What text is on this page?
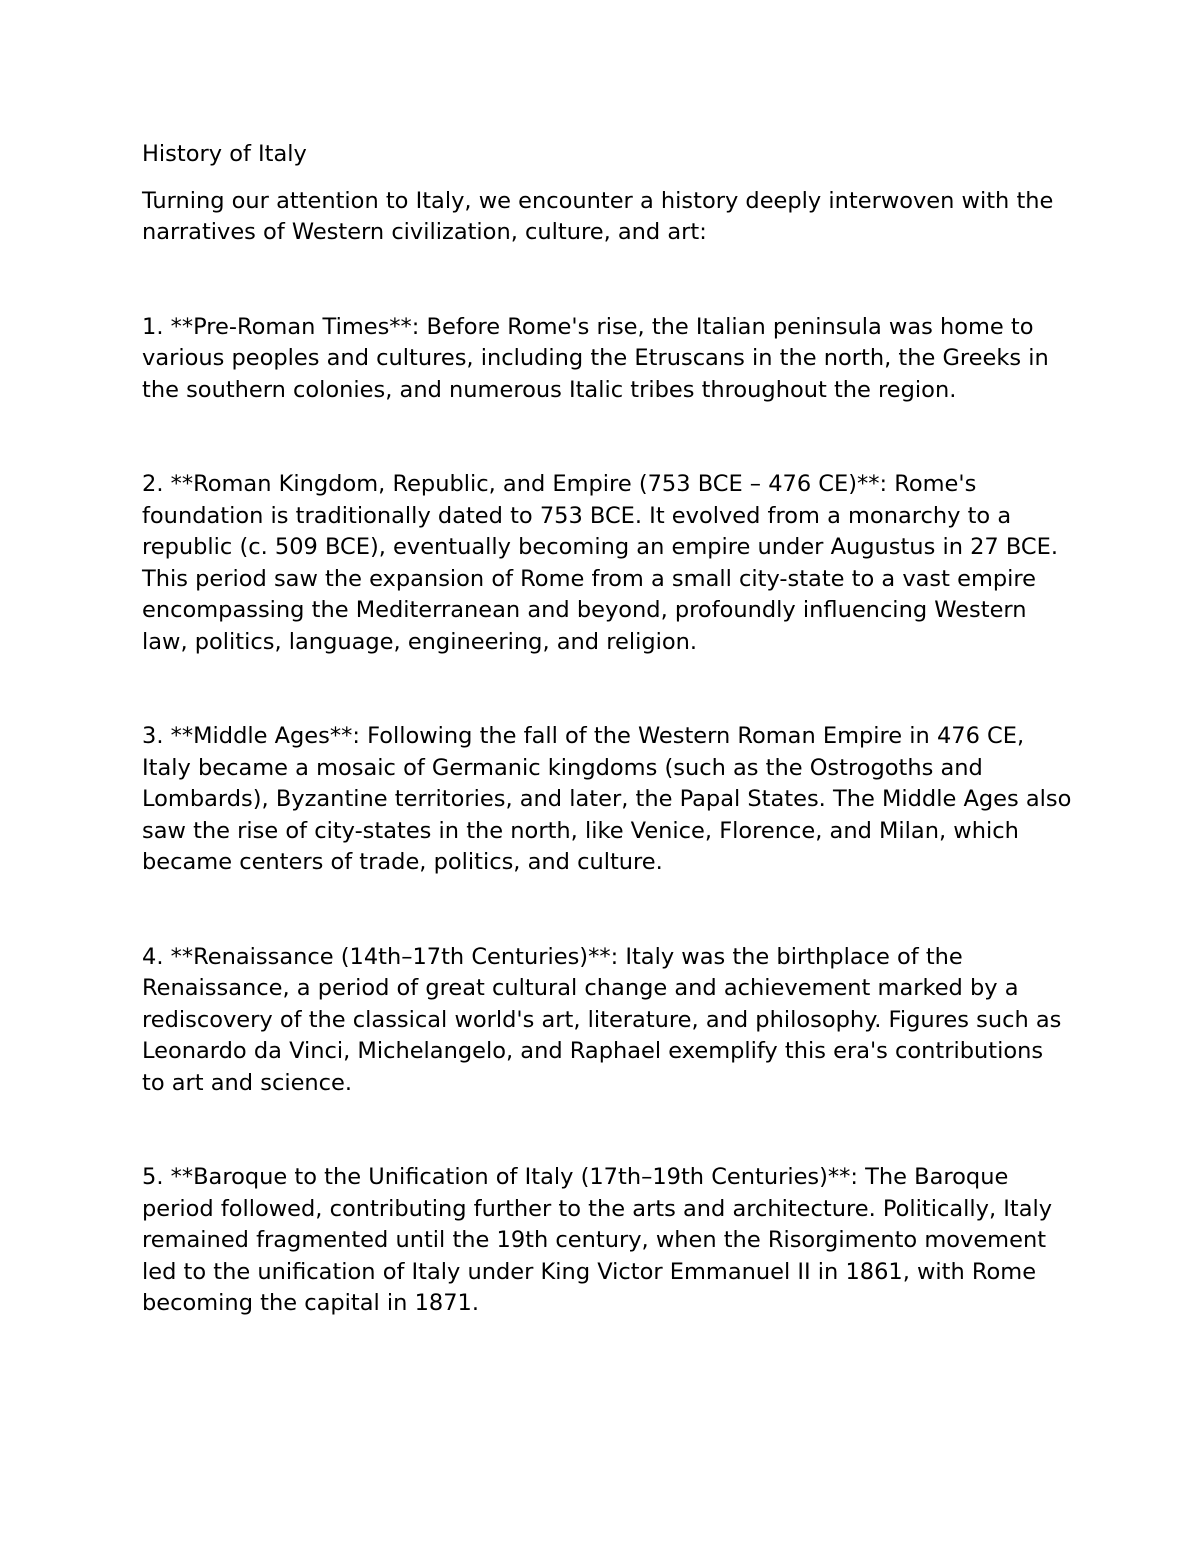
History of Italy

Turning our attention to Italy, we encounter a history deeply interwoven with the narratives of Western civilization, culture, and art:

1. **Pre-Roman Times**: Before Rome's rise, the Italian peninsula was home to various peoples and cultures, including the Etruscans in the north, the Greeks in the southern colonies, and numerous Italic tribes throughout the region.

2. **Roman Kingdom, Republic, and Empire (753 BCE – 476 CE)**: Rome's foundation is traditionally dated to 753 BCE. It evolved from a monarchy to a republic (c. 509 BCE), eventually becoming an empire under Augustus in 27 BCE. This period saw the expansion of Rome from a small city-state to a vast empire encompassing the Mediterranean and beyond, profoundly influencing Western law, politics, language, engineering, and religion.

3. **Middle Ages**: Following the fall of the Western Roman Empire in 476 CE, Italy became a mosaic of Germanic kingdoms (such as the Ostrogoths and Lombards), Byzantine territories, and later, the Papal States. The Middle Ages also saw the rise of city-states in the north, like Venice, Florence, and Milan, which became centers of trade, politics, and culture.

4. **Renaissance (14th–17th Centuries)**: Italy was the birthplace of the Renaissance, a period of great cultural change and achievement marked by a rediscovery of the classical world's art, literature, and philosophy. Figures such as Leonardo da Vinci, Michelangelo, and Raphael exemplify this era's contributions to art and science.

5. **Baroque to the Unification of Italy (17th–19th Centuries)**: The Baroque period followed, contributing further to the arts and architecture. Politically, Italy remained fragmented until the 19th century, when the Risorgimento movement led to the unification of Italy under King Victor Emmanuel II in 1861, with Rome becoming the capital in 1871.
